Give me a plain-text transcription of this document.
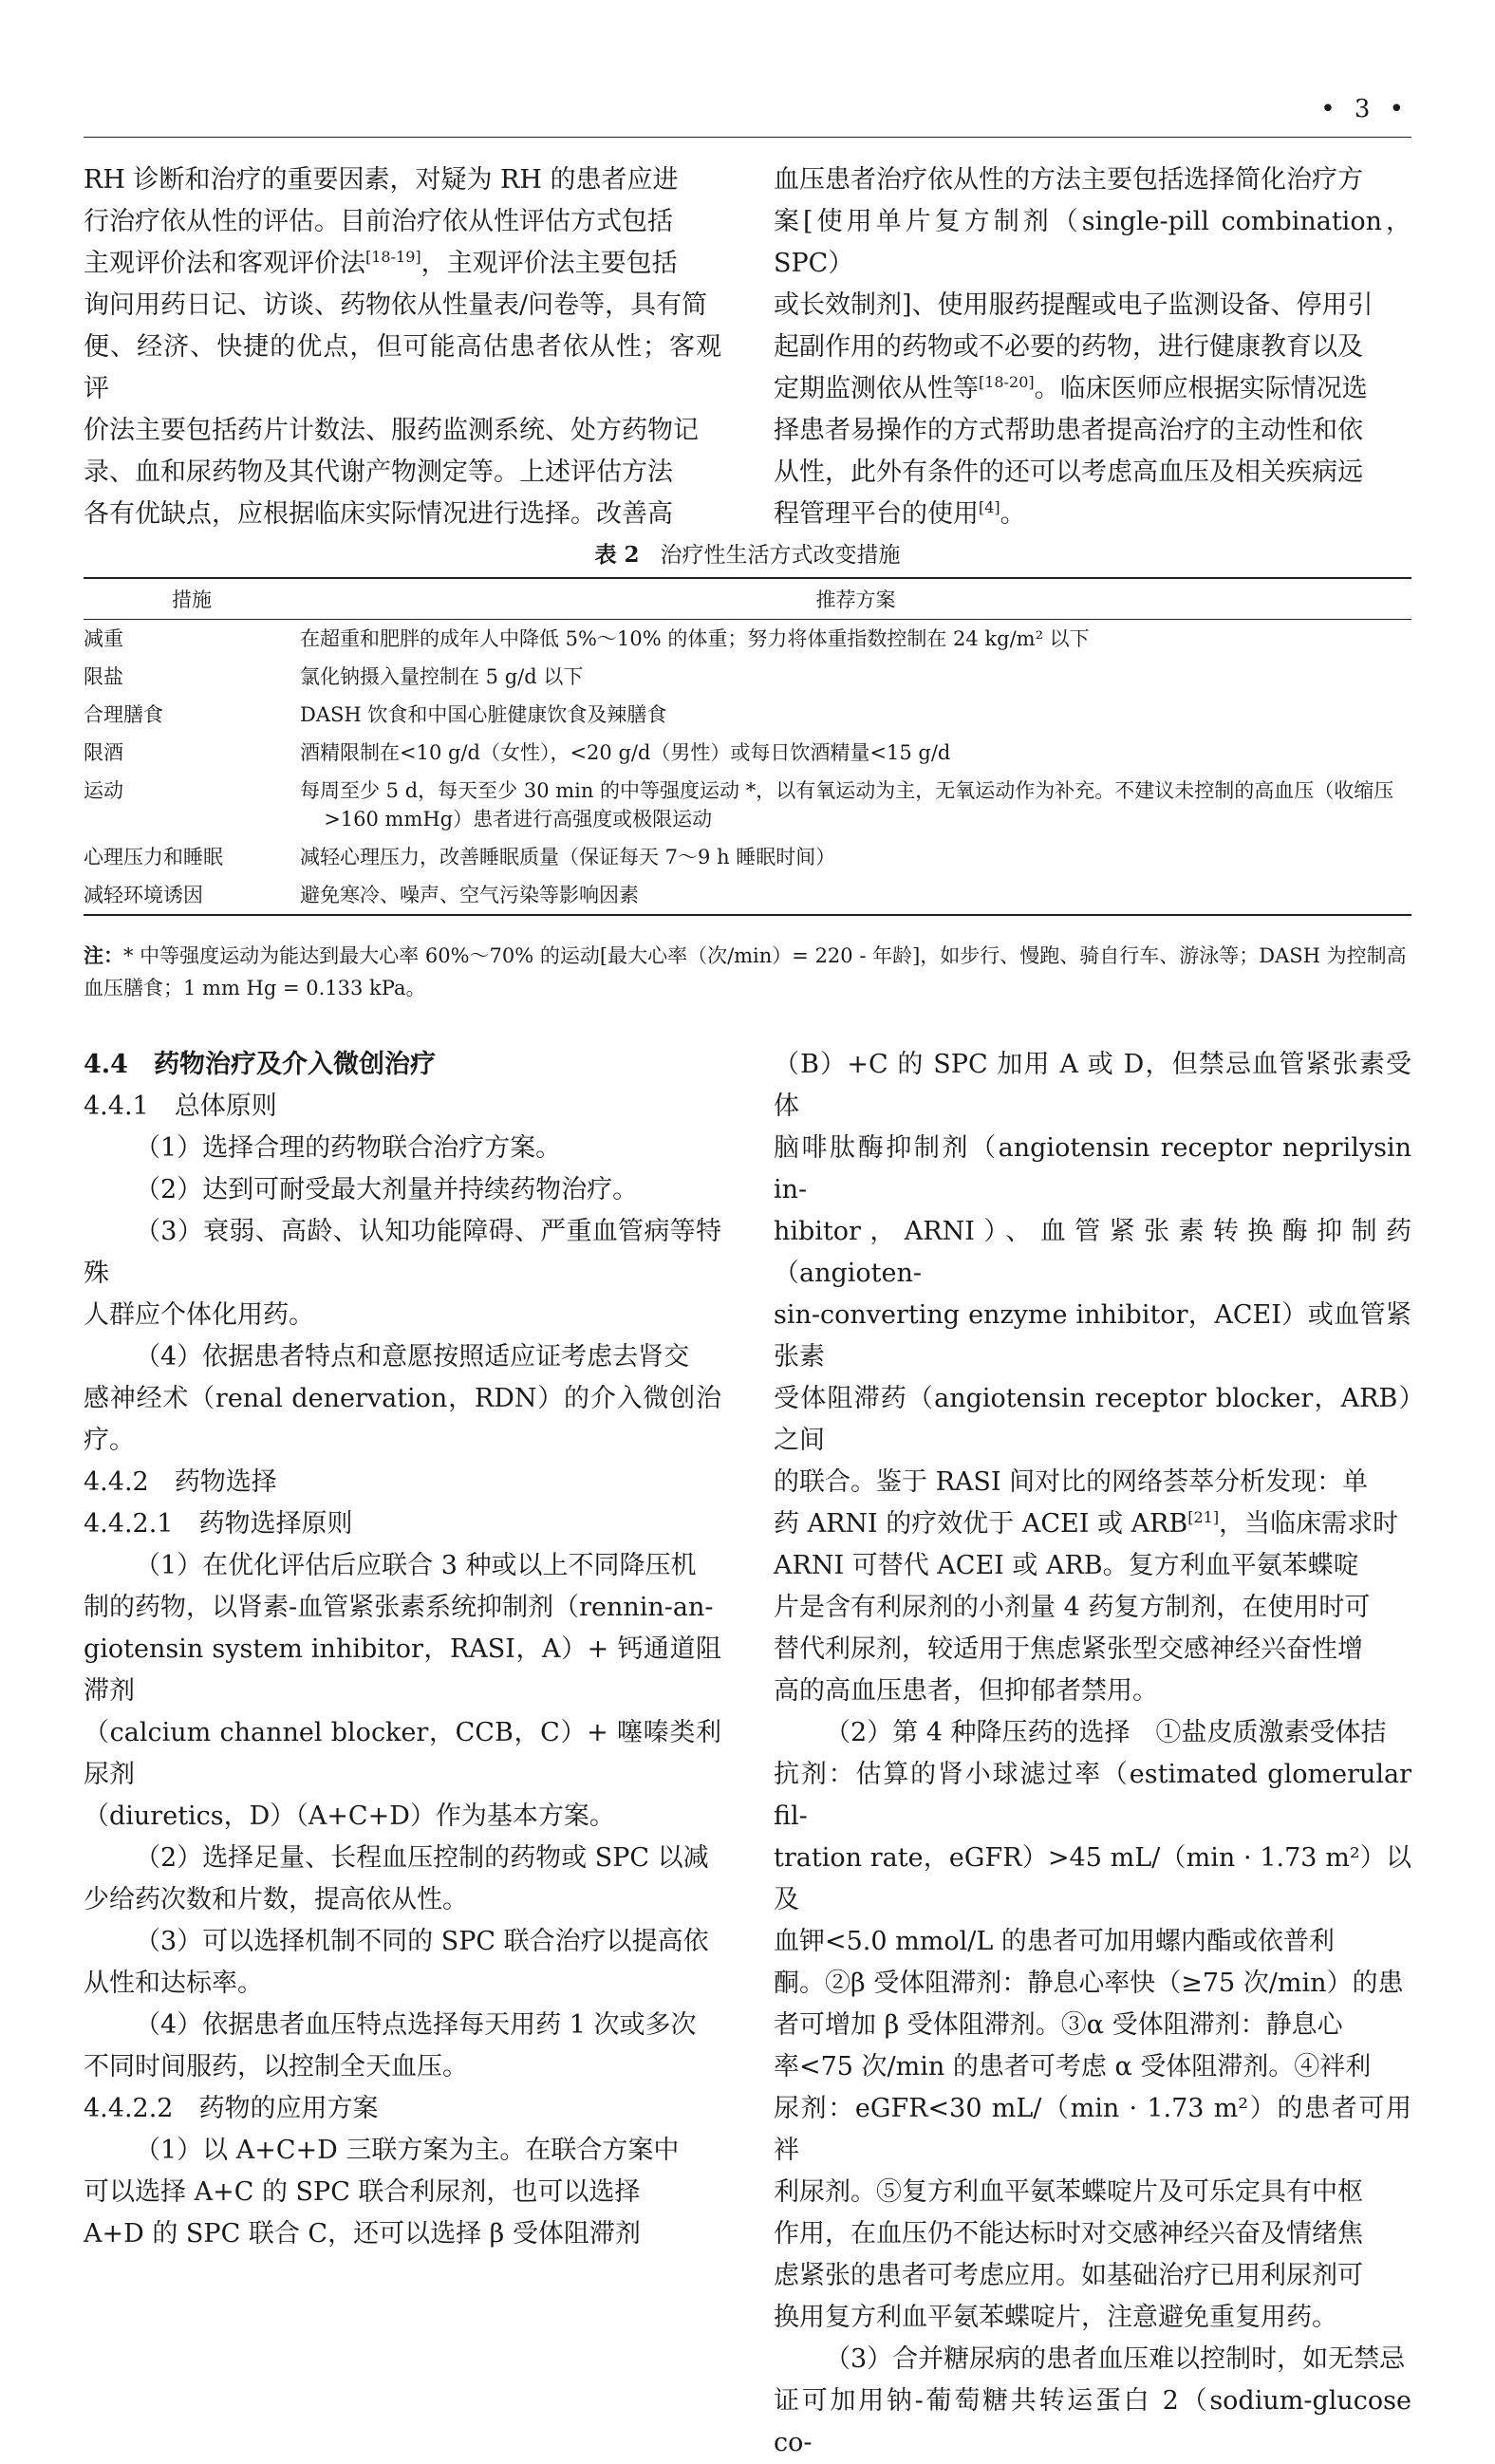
• 3 •

RH 诊断和治疗的重要因素，对疑为 RH 的患者应进

行治疗依从性的评估。目前治疗依从性评估方式包括

主观评价法和客观评价法[18-19]，主观评价法主要包括

询问用药日记、访谈、药物依从性量表/问卷等，具有简

便、经济、快捷的优点，但可能高估患者依从性；客观评

价法主要包括药片计数法、服药监测系统、处方药物记

录、血和尿药物及其代谢产物测定等。上述评估方法

各有优缺点，应根据临床实际情况进行选择。改善高

血压患者治疗依从性的方法主要包括选择简化治疗方

案[使用单片复方制剂（single-pill combination，SPC）

或长效制剂]、使用服药提醒或电子监测设备、停用引

起副作用的药物或不必要的药物，进行健康教育以及

定期监测依从性等[18-20]。临床医师应根据实际情况选

择患者易操作的方式帮助患者提高治疗的主动性和依

从性，此外有条件的还可以考虑高血压及相关疾病远

程管理平台的使用[4]。

表 2 治疗性生活方式改变措施
措施	推荐方案
减重	在超重和肥胖的成年人中降低 5%～10% 的体重；努力将体重指数控制在 24 kg/m² 以下
限盐	氯化钠摄入量控制在 5 g/d 以下
合理膳食	DASH 饮食和中国心脏健康饮食及辣膳食
限酒	酒精限制在<10 g/d（女性），<20 g/d（男性）或每日饮酒精量<15 g/d
运动	每周至少 5 d，每天至少 30 min 的中等强度运动 *，以有氧运动为主，无氧运动作为补充。不建议未控制的高血压（收缩压
>160 mmHg）患者进行高强度或极限运动

心理压力和睡眠	减轻心理压力，改善睡眠质量（保证每天 7～9 h 睡眠时间）
减轻环境诱因	避免寒冷、噪声、空气污染等影响因素
注：* 中等强度运动为能达到最大心率 60%～70% 的运动[最大心率（次/min）= 220 - 年龄]，如步行、慢跑、骑自行车、游泳等；DASH 为控制高
血压膳食；1 mm Hg = 0.133 kPa。

4.4　药物治疗及介入微创治疗

4.4.1　总体原则

（1）选择合理的药物联合治疗方案。

（2）达到可耐受最大剂量并持续药物治疗。

（3）衰弱、高龄、认知功能障碍、严重血管病等特殊

人群应个体化用药。

（4）依据患者特点和意愿按照适应证考虑去肾交

感神经术（renal denervation，RDN）的介入微创治疗。

4.4.2　药物选择

4.4.2.1　药物选择原则

（1）在优化评估后应联合 3 种或以上不同降压机

制的药物，以肾素-血管紧张素系统抑制剂（rennin-an-

giotensin system inhibitor，RASI，A）+ 钙通道阻滞剂

（calcium channel blocker，CCB，C）+ 噻嗪类利尿剂

（diuretics，D）（A+C+D）作为基本方案。

（2）选择足量、长程血压控制的药物或 SPC 以减

少给药次数和片数，提高依从性。

（3）可以选择机制不同的 SPC 联合治疗以提高依

从性和达标率。

（4）依据患者血压特点选择每天用药 1 次或多次

不同时间服药，以控制全天血压。

4.4.2.2　药物的应用方案

（1）以 A+C+D 三联方案为主。在联合方案中

可以选择 A+C 的 SPC 联合利尿剂，也可以选择

A+D 的 SPC 联合 C，还可以选择 β 受体阻滞剂

（B）+C 的 SPC 加用 A 或 D，但禁忌血管紧张素受体

脑啡肽酶抑制剂（angiotensin receptor neprilysin in-

hibitor，ARNI）、血管紧张素转换酶抑制药（angioten-

sin-converting enzyme inhibitor，ACEI）或血管紧张素

受体阻滞药（angiotensin receptor blocker，ARB）之间

的联合。鉴于 RASI 间对比的网络荟萃分析发现：单

药 ARNI 的疗效优于 ACEI 或 ARB[21]，当临床需求时

ARNI 可替代 ACEI 或 ARB。复方利血平氨苯蝶啶

片是含有利尿剂的小剂量 4 药复方制剂，在使用时可

替代利尿剂，较适用于焦虑紧张型交感神经兴奋性增

高的高血压患者，但抑郁者禁用。

（2）第 4 种降压药的选择　①盐皮质激素受体拮

抗剂：估算的肾小球滤过率（estimated glomerular fil-

tration rate，eGFR）>45 mL/（min · 1.73 m²）以及

血钾<5.0 mmol/L 的患者可加用螺内酯或依普利

酮。②β 受体阻滞剂：静息心率快（≥75 次/min）的患

者可增加 β 受体阻滞剂。③α 受体阻滞剂：静息心

率<75 次/min 的患者可考虑 α 受体阻滞剂。④袢利

尿剂：eGFR<30 mL/（min · 1.73 m²）的患者可用袢

利尿剂。⑤复方利血平氨苯蝶啶片及可乐定具有中枢

作用，在血压仍不能达标时对交感神经兴奋及情绪焦

虑紧张的患者可考虑应用。如基础治疗已用利尿剂可

换用复方利血平氨苯蝶啶片，注意避免重复用药。

（3）合并糖尿病的患者血压难以控制时，如无禁忌

证可加用钠-葡萄糖共转运蛋白 2（sodium-glucose co-
